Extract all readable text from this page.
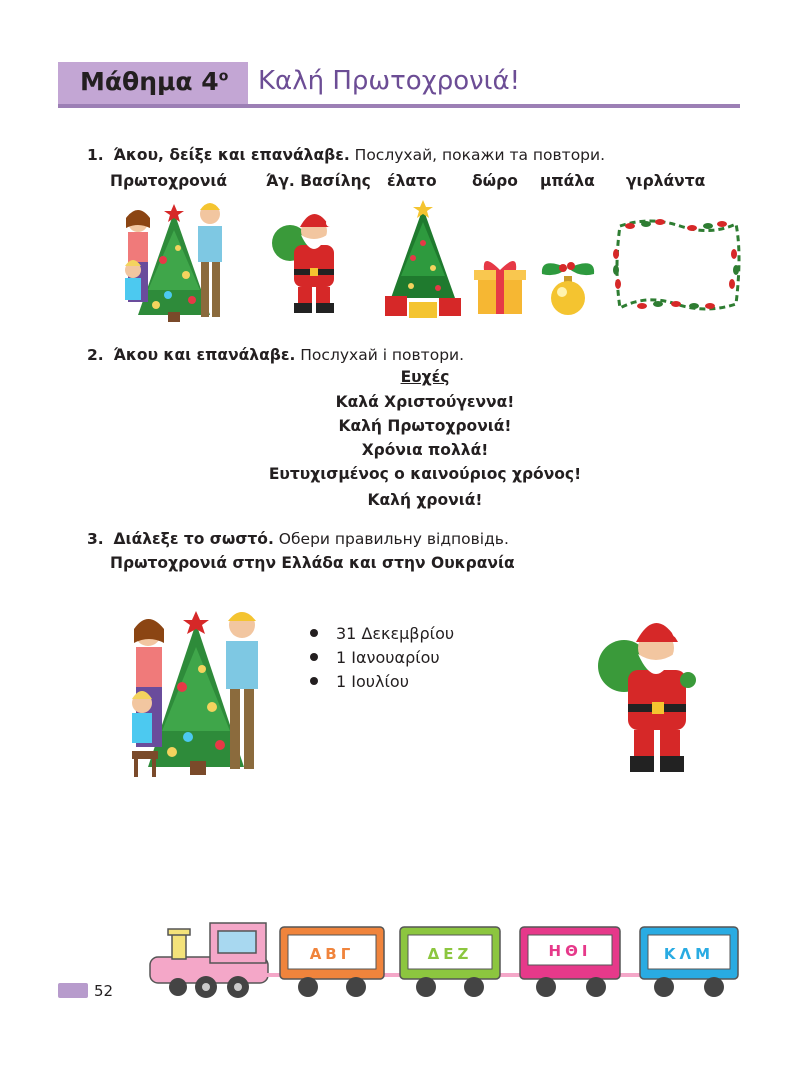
Μάθημα $4^o$ Καλή Πρωτοχρονιά!
1. Άκου, δείξε και επανάλαβε. Послухай, покажи та повтори.
Πρωτοχρονιά	Άγ. Βασίλης έλατο δώρο μπάλα γιρλάντα
2. Άκου και επανάλαβε. Послухай і повтори.
Ευχές
Καλά Χριστούγεννα!
Καλή Πρωτοχρονιά!
Χρόνια πολλά!
Ευτυχισμένος ο καινούριος χρόνος!
Καλή χρονιά!
3. Διάλεξε το σωστό. Обери правильну відповідь.
Πρωτοχρονιά στην Ελλάδα και στην Ουκρανία
31 Δεκεμβρίου
1 Ιανουαρίου
1 Ιουλίου
ΑΒΓ	ΔΕΖ	ΗΘΙ	ΚΛΜ
52
